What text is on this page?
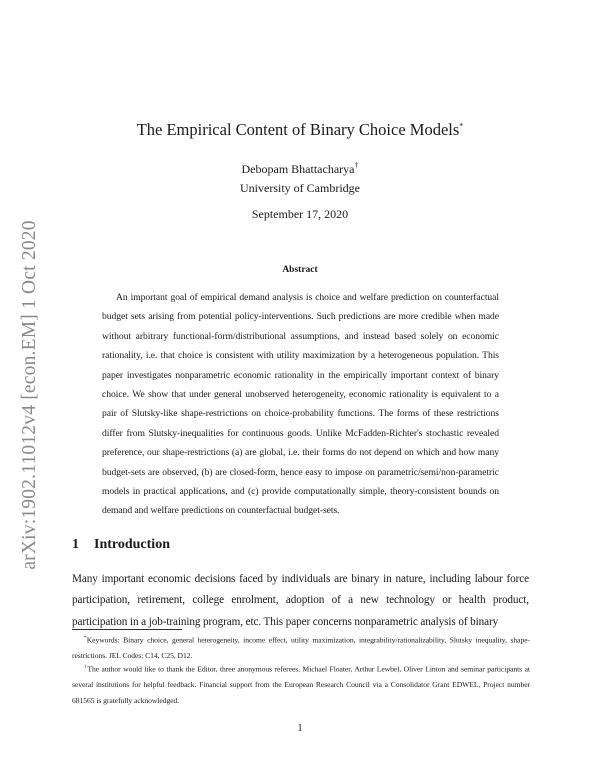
arXiv:1902.11012v4 [econ.EM] 1 Oct 2020
The Empirical Content of Binary Choice Models*
Debopam Bhattacharya†
University of Cambridge
September 17, 2020
Abstract
An important goal of empirical demand analysis is choice and welfare prediction on counterfactual budget sets arising from potential policy-interventions. Such predictions are more credible when made without arbitrary functional-form/distributional assumptions, and instead based solely on economic rationality, i.e. that choice is consistent with utility maximization by a heterogeneous population. This paper investigates nonparametric economic rationality in the empirically important context of binary choice. We show that under general unobserved heterogeneity, economic rationality is equivalent to a pair of Slutsky-like shape-restrictions on choice-probability functions. The forms of these restrictions differ from Slutsky-inequalities for continuous goods. Unlike McFadden-Richter's stochastic revealed preference, our shape-restrictions (a) are global, i.e. their forms do not depend on which and how many budget-sets are observed, (b) are closed-form, hence easy to impose on parametric/semi/non-parametric models in practical applications, and (c) provide computationally simple, theory-consistent bounds on demand and welfare predictions on counterfactual budget-sets.
1 Introduction
Many important economic decisions faced by individuals are binary in nature, including labour force participation, retirement, college enrolment, adoption of a new technology or health product, participation in a job-training program, etc. This paper concerns nonparametric analysis of binary
*Keywords: Binary choice, general heterogeneity, income effect, utility maximization, integrability/rationalizability, Slutsky inequality, shape-restrictions. JEL Codes: C14, C25, D12.
†The author would like to thank the Editor, three anonymous referees, Michael Floater, Arthur Lewbel, Oliver Linton and seminar participants at several institutions for helpful feedback. Financial support from the European Research Council via a Consolidator Grant EDWEL, Project number 681565 is gratefully acknowledged.
1
